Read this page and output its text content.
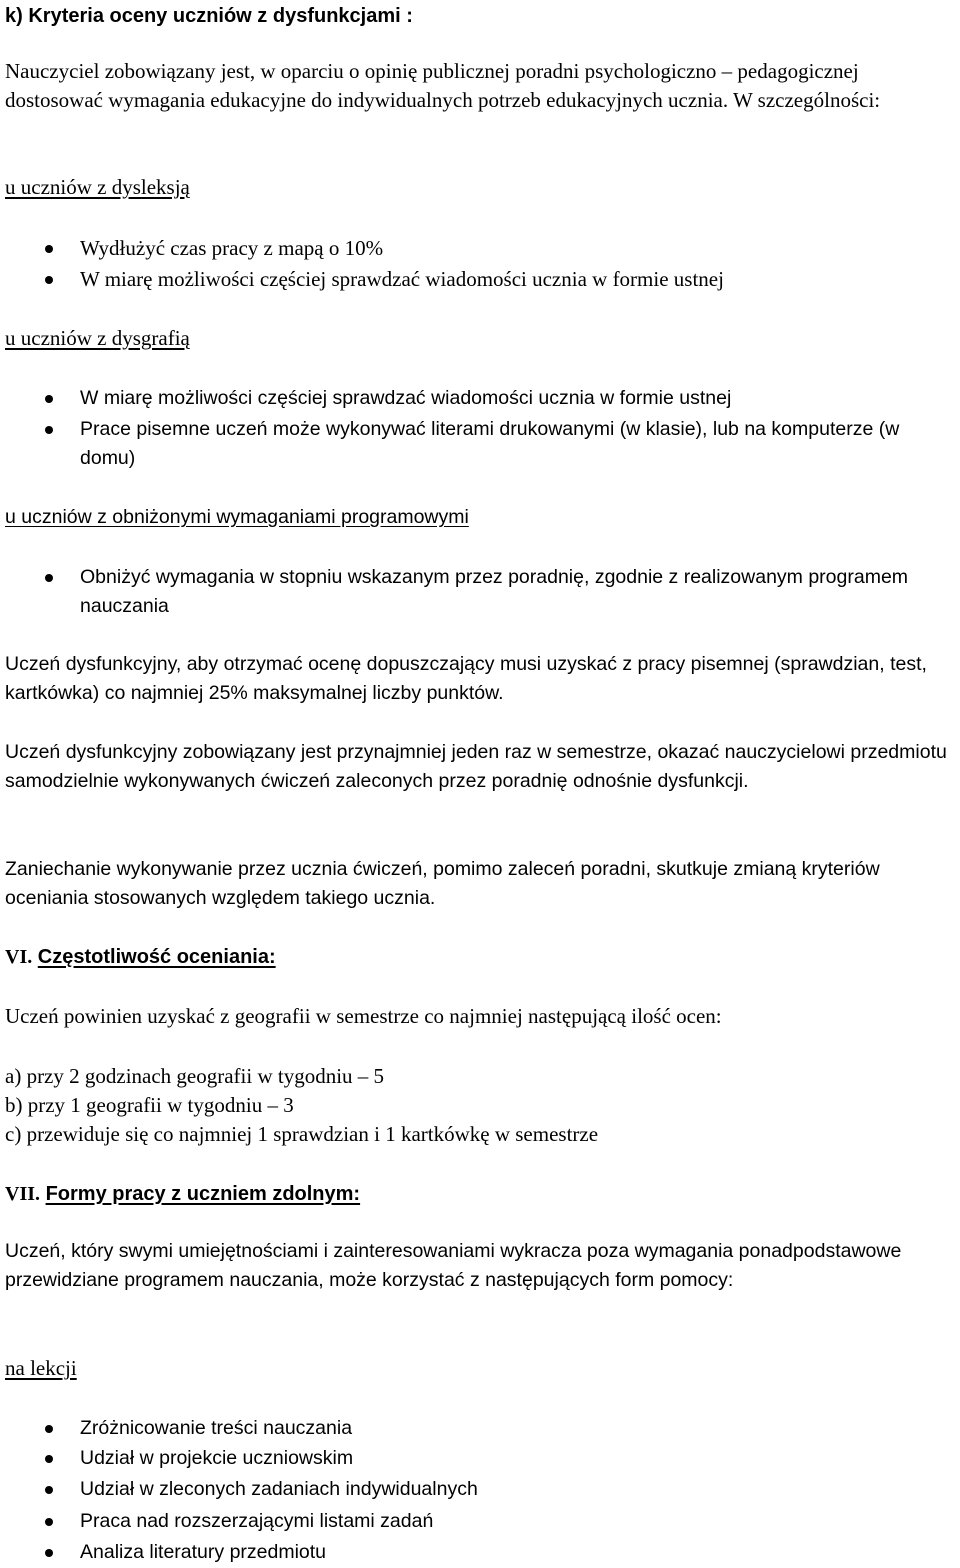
k) Kryteria oceny uczniów z dysfunkcjami :

Nauczyciel zobowiązany jest, w oparciu o opinię publicznej poradni psychologiczno – pedagogicznej dostosować wymagania edukacyjne do indywidualnych potrzeb edukacyjnych ucznia. W szczególności:

u uczniów z dysleksją

Wydłużyć czas pracy z mapą o 10%

W miarę możliwości częściej sprawdzać wiadomości ucznia w formie ustnej

u uczniów z dysgrafią

W miarę możliwości częściej sprawdzać wiadomości ucznia w formie ustnej

Prace pisemne uczeń może wykonywać literami drukowanymi (w klasie), lub na komputerze (w domu)

u uczniów z obniżonymi wymaganiami programowymi

Obniżyć wymagania w stopniu wskazanym przez poradnię, zgodnie z realizowanym programem nauczania

Uczeń dysfunkcyjny, aby otrzymać ocenę dopuszczający musi uzyskać z pracy pisemnej (sprawdzian, test, kartkówka) co najmniej 25% maksymalnej liczby punktów.

Uczeń dysfunkcyjny zobowiązany jest przynajmniej jeden raz w semestrze, okazać nauczycielowi przedmiotu samodzielnie wykonywanych ćwiczeń zaleconych przez poradnię odnośnie dysfunkcji.

Zaniechanie wykonywanie przez ucznia ćwiczeń, pomimo zaleceń poradni, skutkuje zmianą kryteriów oceniania stosowanych względem takiego ucznia.

VI. Częstotliwość oceniania:

Uczeń powinien uzyskać z geografii w semestrze co najmniej następującą ilość ocen:

a) przy 2 godzinach geografii w tygodniu – 5

b) przy 1 geografii w tygodniu – 3

c) przewiduje się co najmniej 1 sprawdzian i 1 kartkówkę w semestrze

VII. Formy pracy z uczniem zdolnym:

Uczeń, który swymi umiejętnościami i zainteresowaniami wykracza poza wymagania ponadpodstawowe przewidziane programem nauczania, może korzystać z następujących form pomocy:

na lekcji

Zróżnicowanie treści nauczania

Udział w projekcie uczniowskim

Udział w zleconych zadaniach indywidualnych

Praca nad rozszerzającymi listami zadań

Analiza literatury przedmiotu
